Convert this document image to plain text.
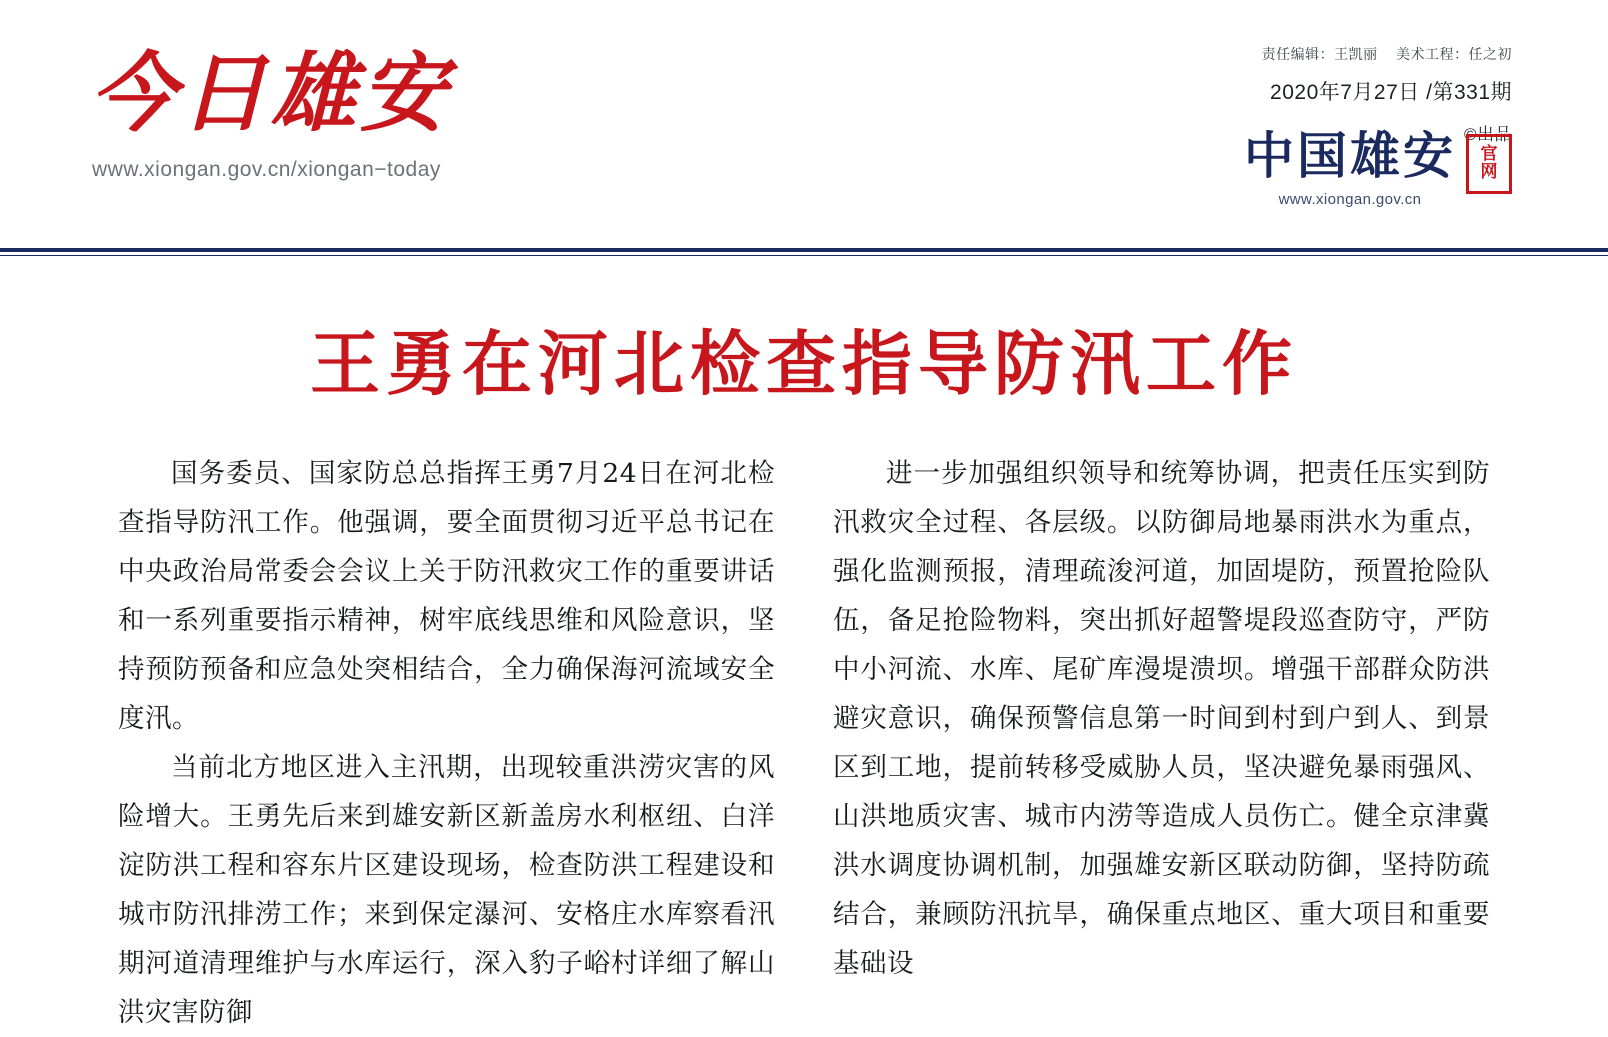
今日雄安
www.xiongan.gov.cn/xiongan−today
责任编辑：王凯丽 美术工程：任之初
2020年7月27日 /第331期
©出品
中国雄安
www.xiongan.gov.cn
官
网
王勇在河北检查指导防汛工作

国务委员、国家防总总指挥王勇7月24日在河北检查指导防汛工作。他强调，要全面贯彻习近平总书记在中央政治局常委会会议上关于防汛救灾工作的重要讲话和一系列重要指示精神，树牢底线思维和风险意识，坚持预防预备和应急处突相结合，全力确保海河流域安全度汛。

当前北方地区进入主汛期，出现较重洪涝灾害的风险增大。王勇先后来到雄安新区新盖房水利枢纽、白洋淀防洪工程和容东片区建设现场，检查防洪工程建设和城市防汛排涝工作；来到保定瀑河、安格庄水库察看汛期河道清理维护与水库运行，深入豹子峪村详细了解山洪灾害防御

进一步加强组织领导和统筹协调，把责任压实到防汛救灾全过程、各层级。以防御局地暴雨洪水为重点，强化监测预报，清理疏浚河道，加固堤防，预置抢险队伍，备足抢险物料，突出抓好超警堤段巡查防守，严防中小河流、水库、尾矿库漫堤溃坝。增强干部群众防洪避灾意识，确保预警信息第一时间到村到户到人、到景区到工地，提前转移受威胁人员，坚决避免暴雨强风、山洪地质灾害、城市内涝等造成人员伤亡。健全京津冀洪水调度协调机制，加强雄安新区联动防御，坚持防疏结合，兼顾防汛抗旱，确保重点地区、重大项目和重要基础设
